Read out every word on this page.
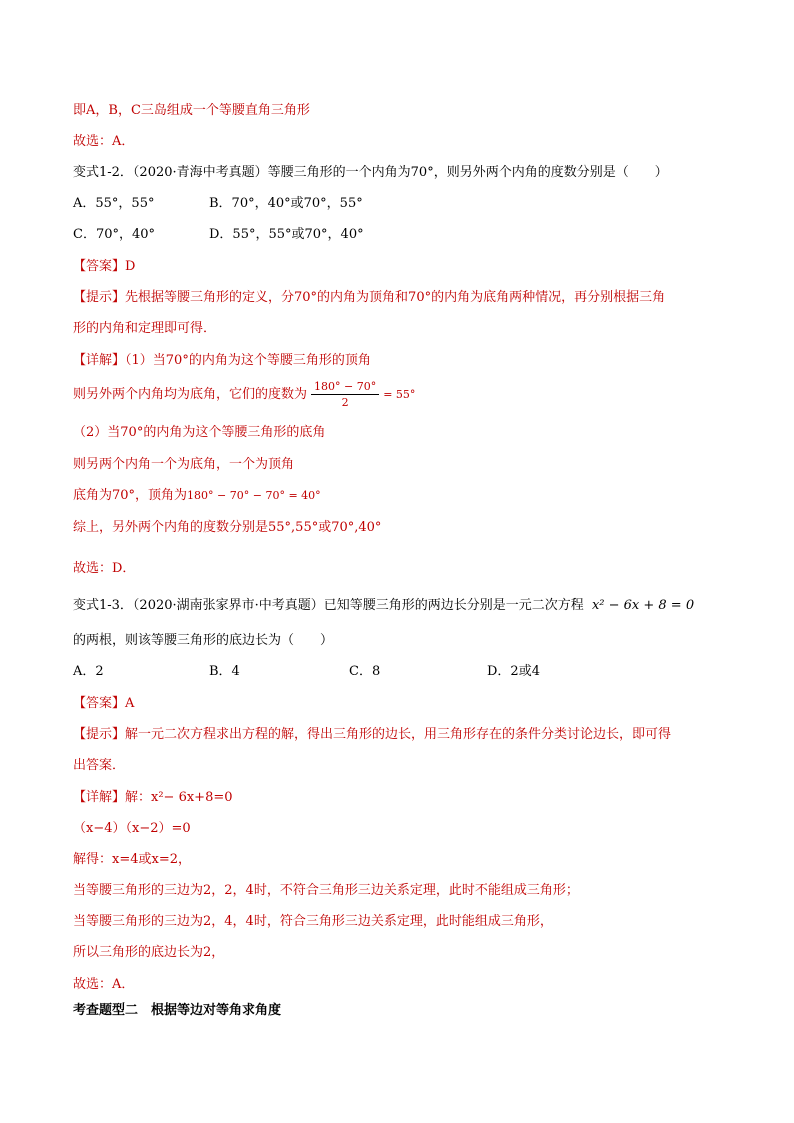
即A，B，C三岛组成一个等腰直角三角形
故选：A．
变式1-2．（2020·青海中考真题）等腰三角形的一个内角为70°，则另外两个内角的度数分别是（　　）
A．55°，55°	B．70°，40°或70°，55°
C．70°，40°	D．55°，55°或70°，40°
【答案】D
【提示】先根据等腰三角形的定义，分70°的内角为顶角和70°的内角为底角两种情况，再分别根据三角
形的内角和定理即可得．
【详解】（1）当70°的内角为这个等腰三角形的顶角
则另外两个内角均为底角，它们的度数为 $\frac{180^\circ - 70^\circ}{2} = 55^\circ$
（2）当70°的内角为这个等腰三角形的底角
则另两个内角一个为底角，一个为顶角
底角为70°，顶角为180° − 70° − 70° = 40°
综上，另外两个内角的度数分别是55°,55°或70°,40°
故选：D．
变式1-3．（2020·湖南张家界市·中考真题）已知等腰三角形的两边长分别是一元二次方程 x² − 6x + 8 = 0
的两根，则该等腰三角形的底边长为（　　）
A．2	B．4	C．8	D．2或4
【答案】A
【提示】解一元二次方程求出方程的解，得出三角形的边长，用三角形存在的条件分类讨论边长，即可得
出答案．
【详解】解：x²− 6x+8=0
（x−4）（x−2）=0
解得：x=4或x=2，
当等腰三角形的三边为2，2，4时，不符合三角形三边关系定理，此时不能组成三角形；
当等腰三角形的三边为2，4，4时，符合三角形三边关系定理，此时能组成三角形，
所以三角形的底边长为2，
故选：A．
考查题型二　根据等边对等角求角度
